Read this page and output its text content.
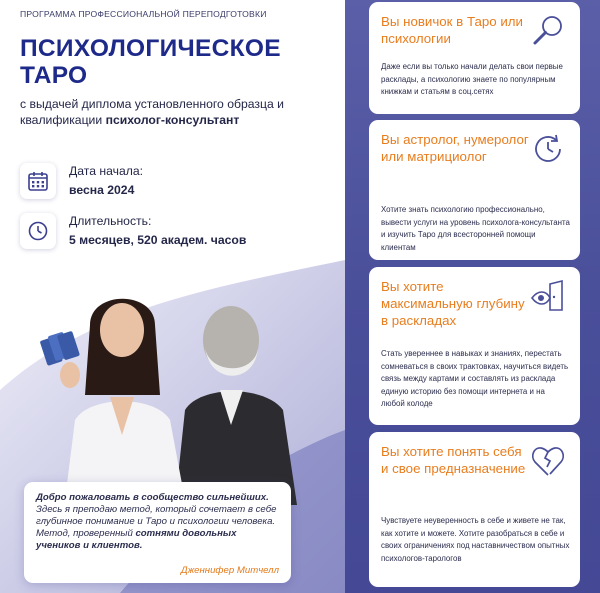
ПРОГРАММА ПРОФЕССИОНАЛЬНОЙ ПЕРЕПОДГОТОВКИ
ПСИХОЛОГИЧЕСКОЕ ТАРО
с выдачей диплома установленного образца и квалификации психолог-консультант
Дата начала:
весна 2024
Длительность:
5 месяцев, 520 академ. часов
Добро пожаловать в сообщество сильнейших.
Здесь я преподаю метод, который сочетает в себе глубинное понимание и Таро и психологии человека. Метод, проверенный сотнями довольных учеников и клиентов.
Дженнифер Митчелл
Вы новичок в Таро или психологии
Даже если вы только начали делать свои первые расклады, а психологию знаете по популярным книжкам и статьям в соц.сетях
Вы астролог, нумеролог или матрициолог
Хотите знать психологию профессионально, вывести услуги на уровень психолога-консультанта и изучить Таро для всесторонней помощи клиентам
Вы хотите максимальную глубину в раскладах
Стать увереннее в навыках и знаниях, перестать сомневаться в своих трактовках, научиться видеть связь между картами и составлять из расклада единую историю без помощи интернета и на любой колоде
Вы хотите понять себя и свое предназначение
Чувствуете неуверенность в себе и живете не так, как хотите и можете. Хотите разобраться в себе и своих ограничениях под наставничеством опытных психологов-тарологов
